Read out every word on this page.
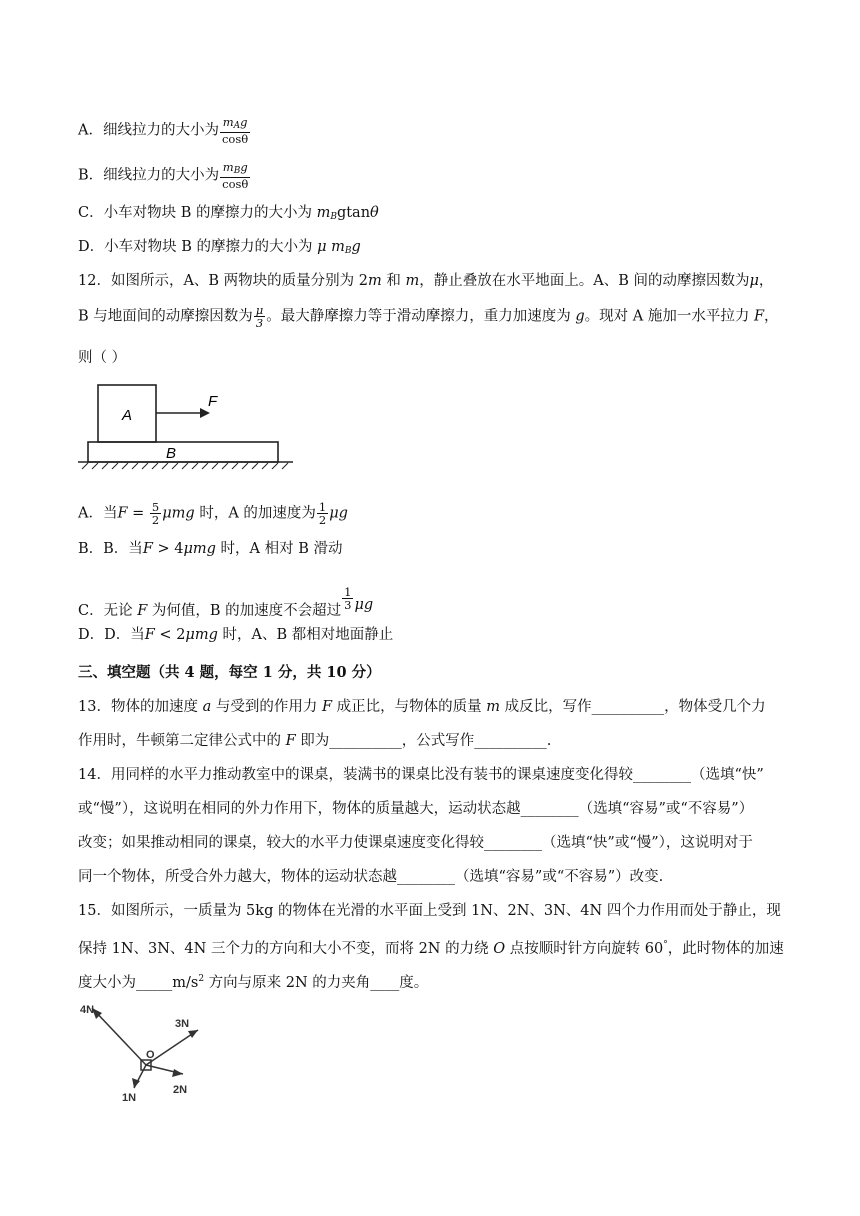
A．细线拉力的大小为 $\frac{m_Ag}{\cos\theta}$
B．细线拉力的大小为 $\frac{m_Bg}{\cos\theta}$
C．小车对物块 B 的摩擦力的大小为 $m_Bgtan\theta$
D．小车对物块 B 的摩擦力的大小为 μ $m_Bg$
12．如图所示，A、B 两物块的质量分别为 2m 和 m，静止叠放在水平地面上。A、B 间的动摩擦因数为μ，
B 与地面间的动摩擦因数为 $\frac{\mu}{3}$ 。最大静摩擦力等于滑动摩擦力，重力加速度为 g。现对 A 施加一水平拉力 F，
则（ ）
A
F
B
A．当$F = \frac{5}{2}$ μmg 时，A 的加速度为 $\frac{1}{2}$ μg
B．B．当F > 4μmg 时，A 相对 B 滑动
C．无论 F 为何值，B 的加速度不会超过 $\frac{1}{3}$ μg
D．D．当F < 2μmg 时，A、B 都相对地面静止
三、填空题（共 4 题，每空 1 分，共 10 分）
13．物体的加速度 a 与受到的作用力 F 成正比，与物体的质量 m 成反比，写作__________，物体受几个力
作用时，牛顿第二定律公式中的 F 即为__________，公式写作__________.
14．用同样的水平力推动教室中的课桌，装满书的课桌比没有装书的课桌速度变化得较________（选填“快”
或“慢”），这说明在相同的外力作用下，物体的质量越大，运动状态越________（选填“容易”或“不容易”）
改变；如果推动相同的课桌，较大的水平力使课桌速度变化得较________（选填“快”或“慢”），这说明对于
同一个物体，所受合外力越大，物体的运动状态越________（选填“容易”或“不容易”）改变.
15．如图所示，一质量为 5kg 的物体在光滑的水平面上受到 1N、2N、3N、4N 四个力作用而处于静止，现
保持 1N、3N、4N 三个力的方向和大小不变，而将 2N 的力绕 O 点按顺时针方向旋转 60°，此时物体的加速
度大小为$\_\_\_\_\_m/s^2$ 方向与原来 2N 的力夹角____度。
4N
3N
O
1N
2N
